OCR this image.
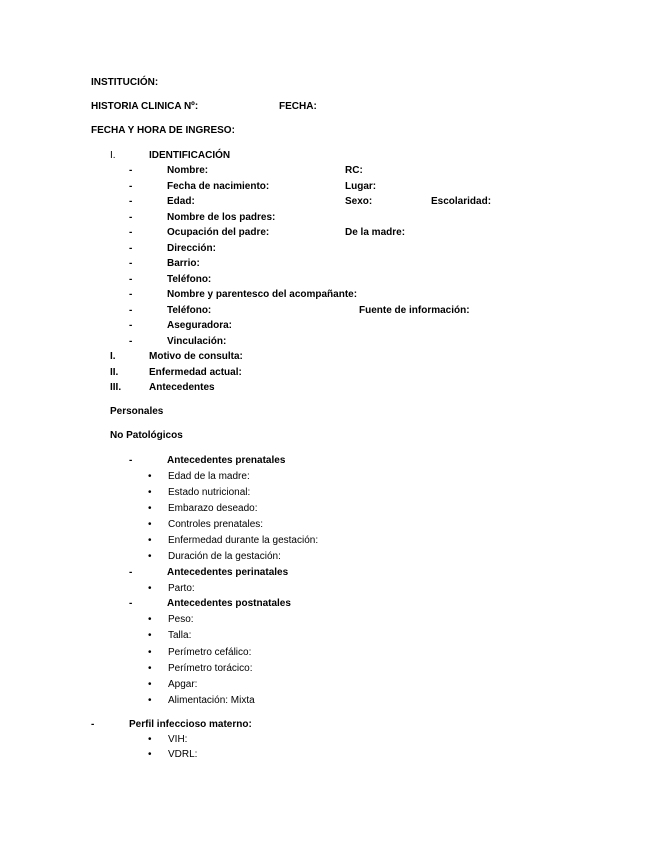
INSTITUCIÓN:
HISTORIA CLINICA Nº:	FECHA:
FECHA Y HORA DE INGRESO:
I.	IDENTIFICACIÓN
-	Nombre:	RC:
-	Fecha de nacimiento:	Lugar:
-	Edad:	Sexo:	Escolaridad:
-	Nombre de los padres:
-	Ocupación del padre:	De la madre:
-	Dirección:
-	Barrio:
-	Teléfono:
-	Nombre y parentesco del acompañante:
-	Teléfono:	Fuente de información:
-	Aseguradora:
-	Vinculación:
I.	Motivo de consulta:
II.	Enfermedad actual:
III.	Antecedentes
Personales
No Patológicos
-	Antecedentes prenatales
• Edad de la madre:
• Estado nutricional:
• Embarazo deseado:
• Controles prenatales:
• Enfermedad durante la gestación:
• Duración de la gestación:
-	Antecedentes perinatales
• Parto:
-	Antecedentes postnatales
• Peso:
• Talla:
• Perímetro cefálico:
• Perímetro torácico:
• Apgar:
• Alimentación: Mixta
-	Perfil infeccioso materno:
• VIH:
• VDRL:
